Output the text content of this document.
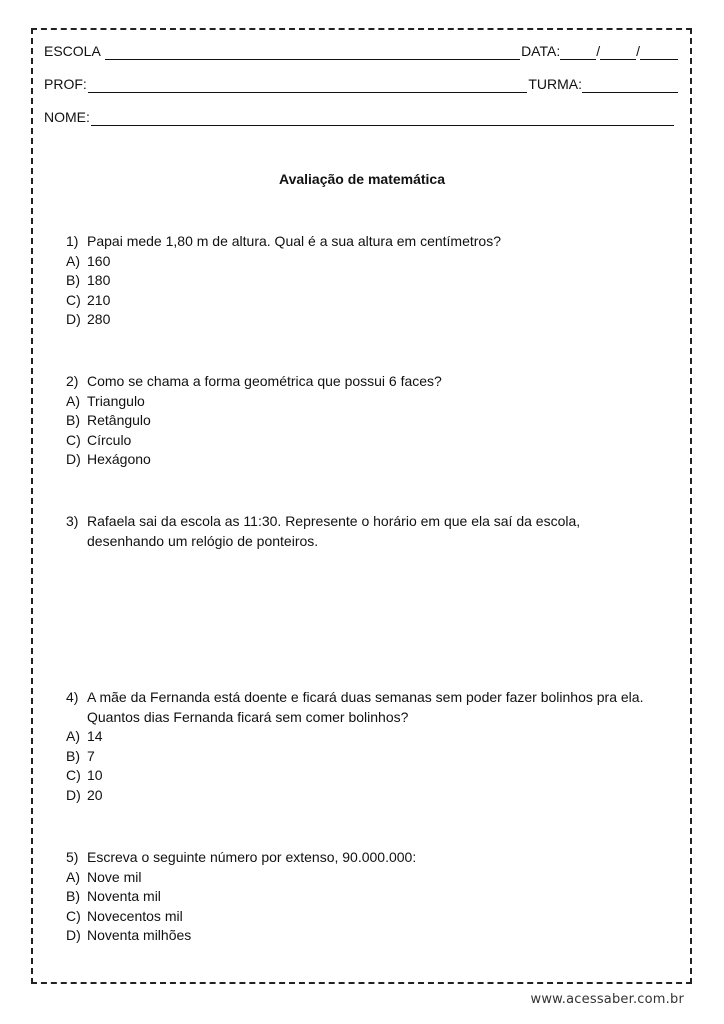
ESCOLA	DATA:	/	/
PROF:	TURMA:
NOME:
Avaliação de matemática
1) Papai mede 1,80 m de altura. Qual é a sua altura em centímetros?
A) 160
B) 180
C) 210
D) 280
2) Como se chama a forma geométrica que possui 6 faces?
A) Triangulo
B) Retângulo
C) Círculo
D) Hexágono
3) Rafaela sai da escola as 11:30. Represente o horário em que ela saí da escola, desenhando um relógio de ponteiros.
4) A mãe da Fernanda está doente e ficará duas semanas sem poder fazer bolinhos pra ela. Quantos dias Fernanda ficará sem comer bolinhos?
A) 14
B) 7
C) 10
D) 20
5) Escreva o seguinte número por extenso, 90.000.000:
A) Nove mil
B) Noventa mil
C) Novecentos mil
D) Noventa milhões
www.acessaber.com.br
